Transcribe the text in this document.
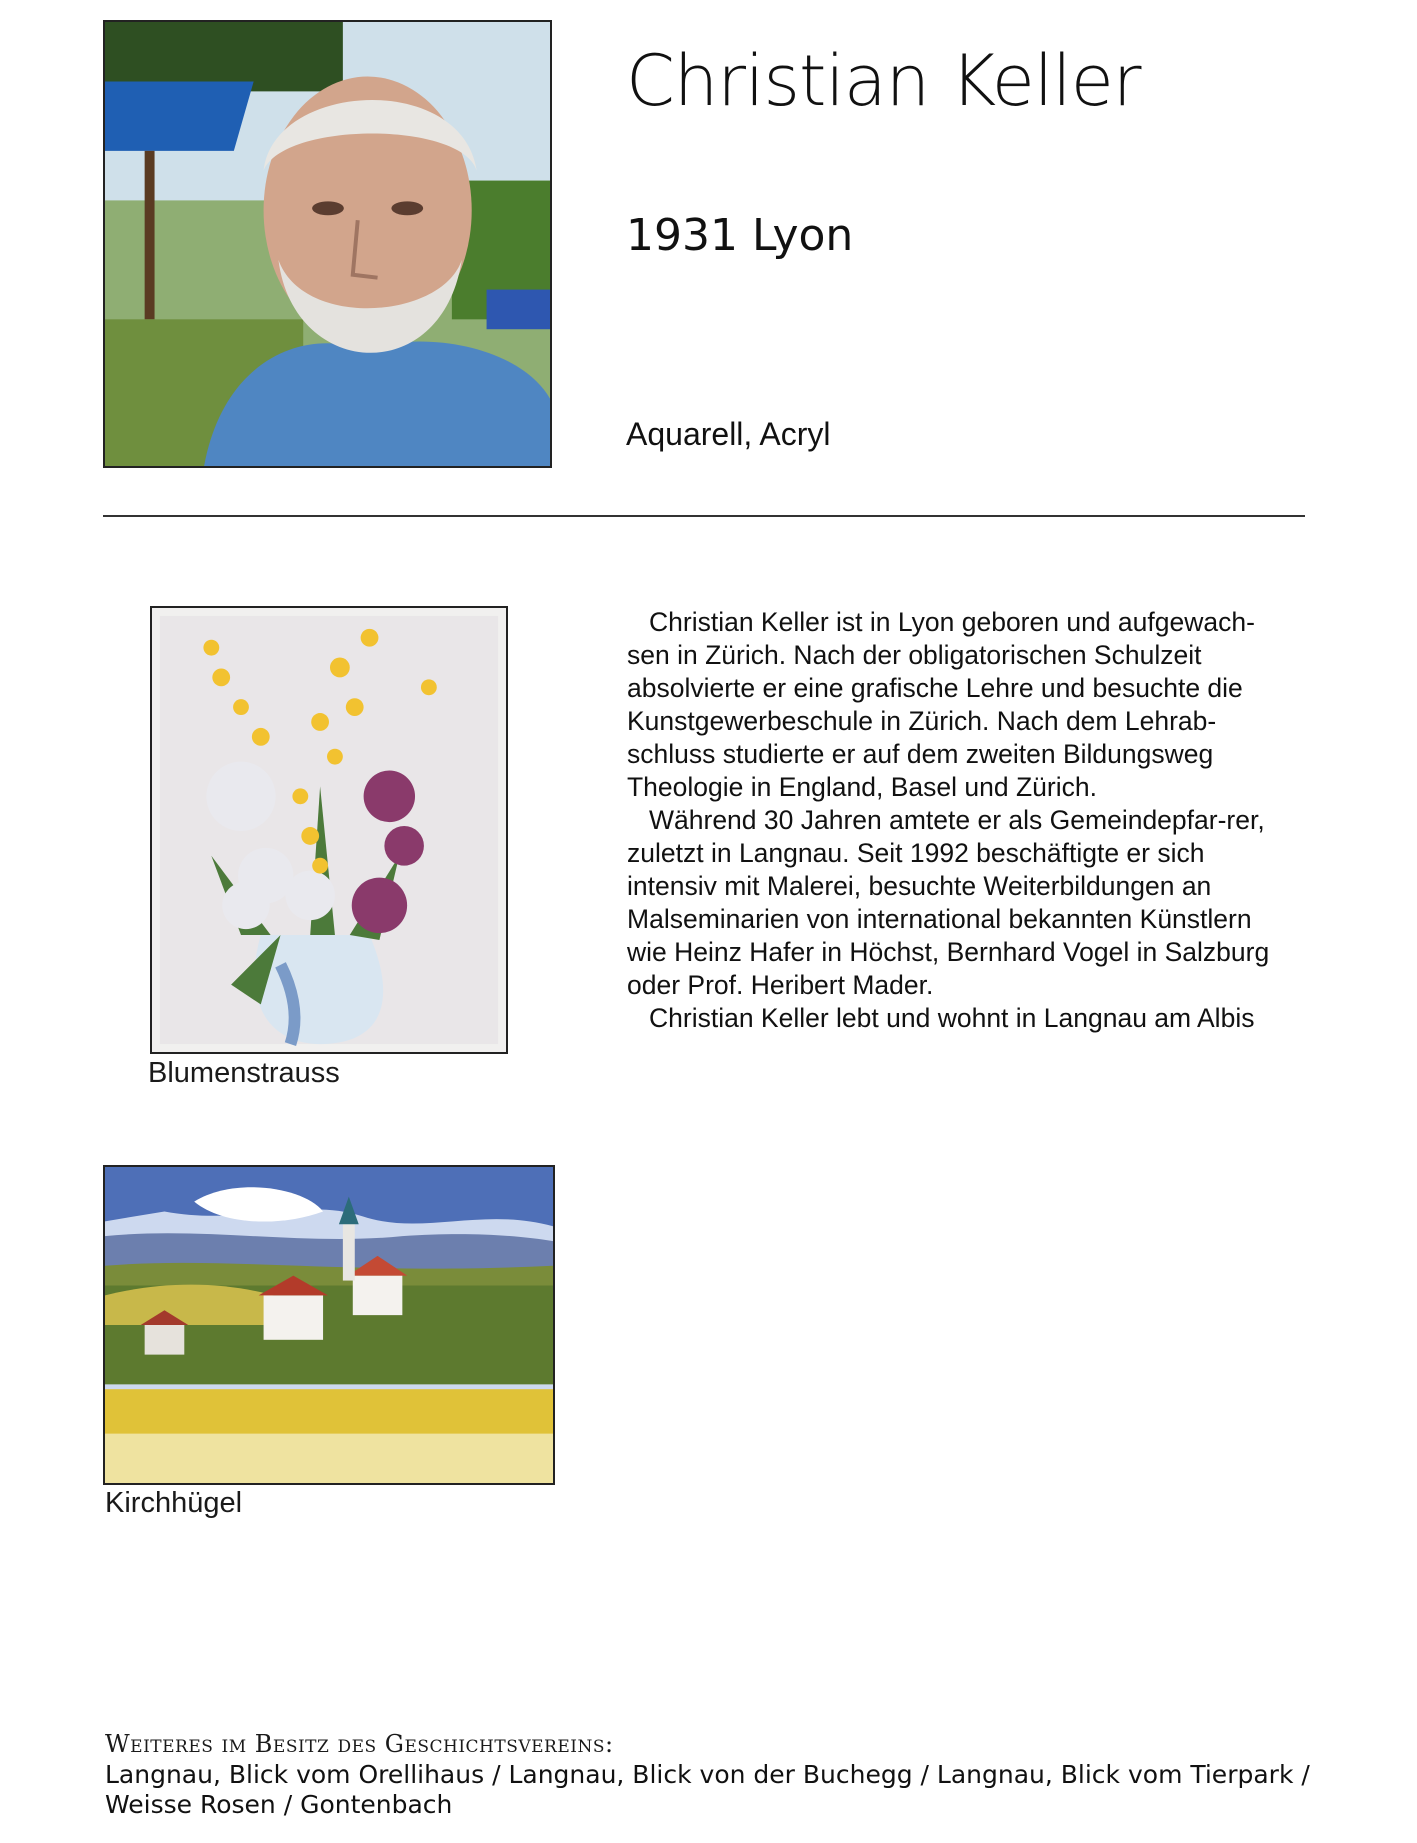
Christian Keller
1931 Lyon
Aquarell, Acryl
Blumenstrauss

Christian Keller ist in Lyon geboren und aufgewach-sen in Zürich. Nach der obligatorischen Schulzeit absolvierte er eine grafische Lehre und besuchte die Kunstgewerbeschule in Zürich. Nach dem Lehrab-schluss studierte er auf dem zweiten Bildungsweg Theologie in England, Basel und Zürich.

Während 30 Jahren amtete er als Gemeindepfar-rer, zuletzt in Langnau. Seit 1992 beschäftigte er sich intensiv mit Malerei, besuchte Weiterbildungen an Malseminarien von international bekannten Künstlern wie Heinz Hafer in Höchst, Bernhard Vogel in Salzburg oder Prof. Heribert Mader.

Christian Keller lebt und wohnt in Langnau am Albis

Kirchhügel
Weiteres im Besitz des Geschichtsvereins:
Langnau, Blick vom Orellihaus / Langnau, Blick von der Buchegg / Langnau, Blick vom Tierpark / Weisse Rosen / Gontenbach
